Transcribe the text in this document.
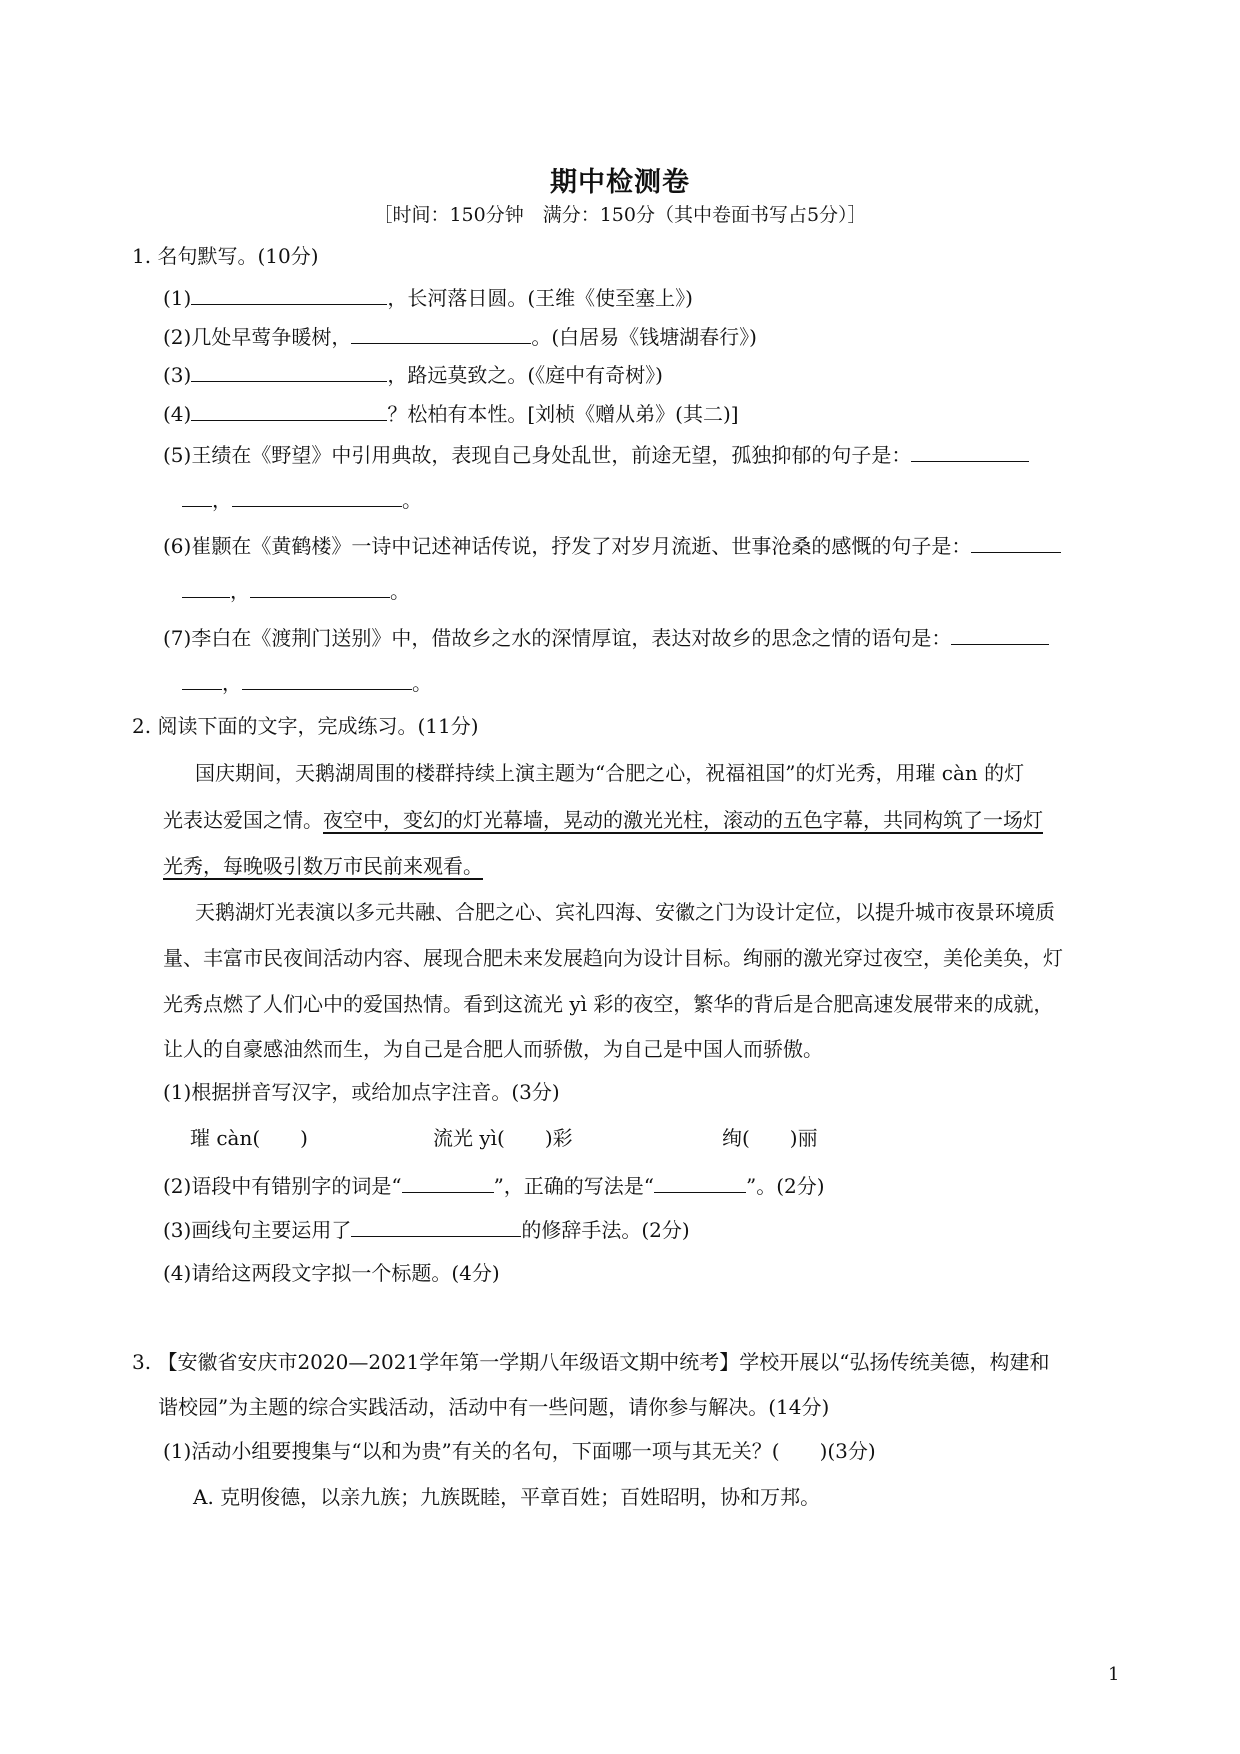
期中检测卷
［时间：150分钟　满分：150分（其中卷面书写占5分）］
1. 名句默写。(10分)
(1)	，长河落日圆。(王维《使至塞上》)
(2)几处早莺争暖树，	。(白居易《钱塘湖春行》)
(3)	，路远莫致之。(《庭中有奇树》)
(4)	？松柏有本性。[刘桢《赠从弟》(其二)]
(5)王绩在《野望》中引用典故，表现自己身处乱世，前途无望，孤独抑郁的句子是：
，	。
(6)崔颢在《黄鹤楼》一诗中记述神话传说，抒发了对岁月流逝、世事沧桑的感慨的句子是：
，	。
(7)李白在《渡荆门送别》中，借故乡之水的深情厚谊，表达对故乡的思念之情的语句是：
，	。
2. 阅读下面的文字，完成练习。(11分)
国庆期间，天鹅湖周围的楼群持续上演主题为“合肥之心，祝福祖国”的灯光秀，用璀 càn 的灯
光表达爱国之情。夜空中，变幻的灯光幕墙，晃动的激光光柱，滚动的五色字幕，共同构筑了一场灯
光秀，每晚吸引数万市民前来观看。
天鹅湖灯光表演以多元共融、合肥之心、宾礼四海、安徽之门为设计定位，以提升城市夜景环境质
量、丰富市民夜间活动内容、展现合肥未来发展趋向为设计目标。绚丽的激光穿过夜空，美伦美奂，灯
光秀点燃了人们心中的爱国热情。看到这流光 yì 彩的夜空，繁华的背后是合肥高速发展带来的成就，
让人的自豪感油然而生，为自己是合肥人而骄傲，为自己是中国人而骄傲。
(1)根据拼音写汉字，或给加点字注音。(3分)
璀 càn(　　)	流光 yì(　　)彩	绚(　　)丽
(2)语段中有错别字的词是“	”，正确的写法是“	”。(2分)
(3)画线句主要运用了	的修辞手法。(2分)
(4)请给这两段文字拟一个标题。(4分)
3. 【安徽省安庆市2020—2021学年第一学期八年级语文期中统考】学校开展以“弘扬传统美德，构建和
谐校园”为主题的综合实践活动，活动中有一些问题，请你参与解决。(14分)
(1)活动小组要搜集与“以和为贵”有关的名句，下面哪一项与其无关？(　　)(3分)
A. 克明俊德，以亲九族；九族既睦，平章百姓；百姓昭明，协和万邦。
1
